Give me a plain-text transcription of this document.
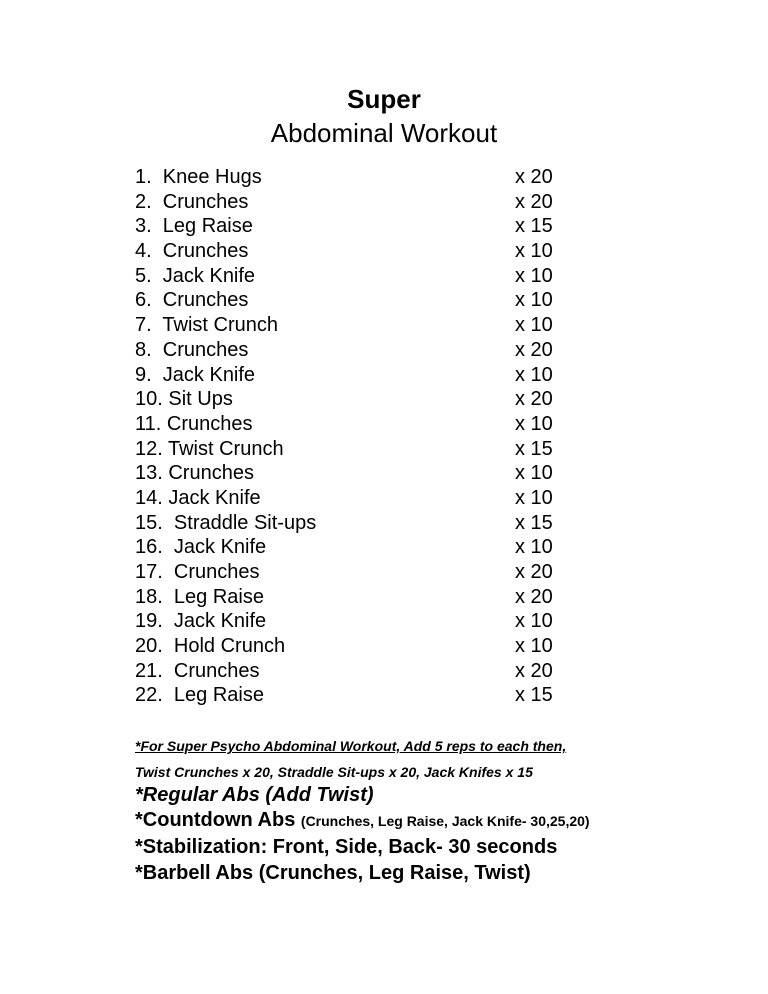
Super
Abdominal Workout
1.  Knee Hugs	x 20
2.  Crunches	x 20
3.  Leg Raise	x 15
4.  Crunches	x 10
5.  Jack Knife	x 10
6.  Crunches	x 10
7.  Twist Crunch	x 10
8.  Crunches	x 20
9.  Jack Knife	x 10
10. Sit Ups	x 20
11. Crunches	x 10
12. Twist Crunch	x 15
13. Crunches	x 10
14. Jack Knife	x 10
15.  Straddle Sit-ups	x 15
16.  Jack Knife	x 10
17.  Crunches	x 20
18.  Leg Raise	x 20
19.  Jack Knife	x 10
20.  Hold Crunch	x 10
21.  Crunches	x 20
22.  Leg Raise	x 15

*For Super Psycho Abdominal Workout, Add 5 reps to each then,

Twist Crunches x 20, Straddle Sit-ups x 20, Jack Knifes x 15

*Regular Abs (Add Twist)

*Countdown Abs (Crunches, Leg Raise, Jack Knife- 30,25,20)

*Stabilization: Front, Side, Back- 30 seconds

*Barbell Abs (Crunches, Leg Raise, Twist)
